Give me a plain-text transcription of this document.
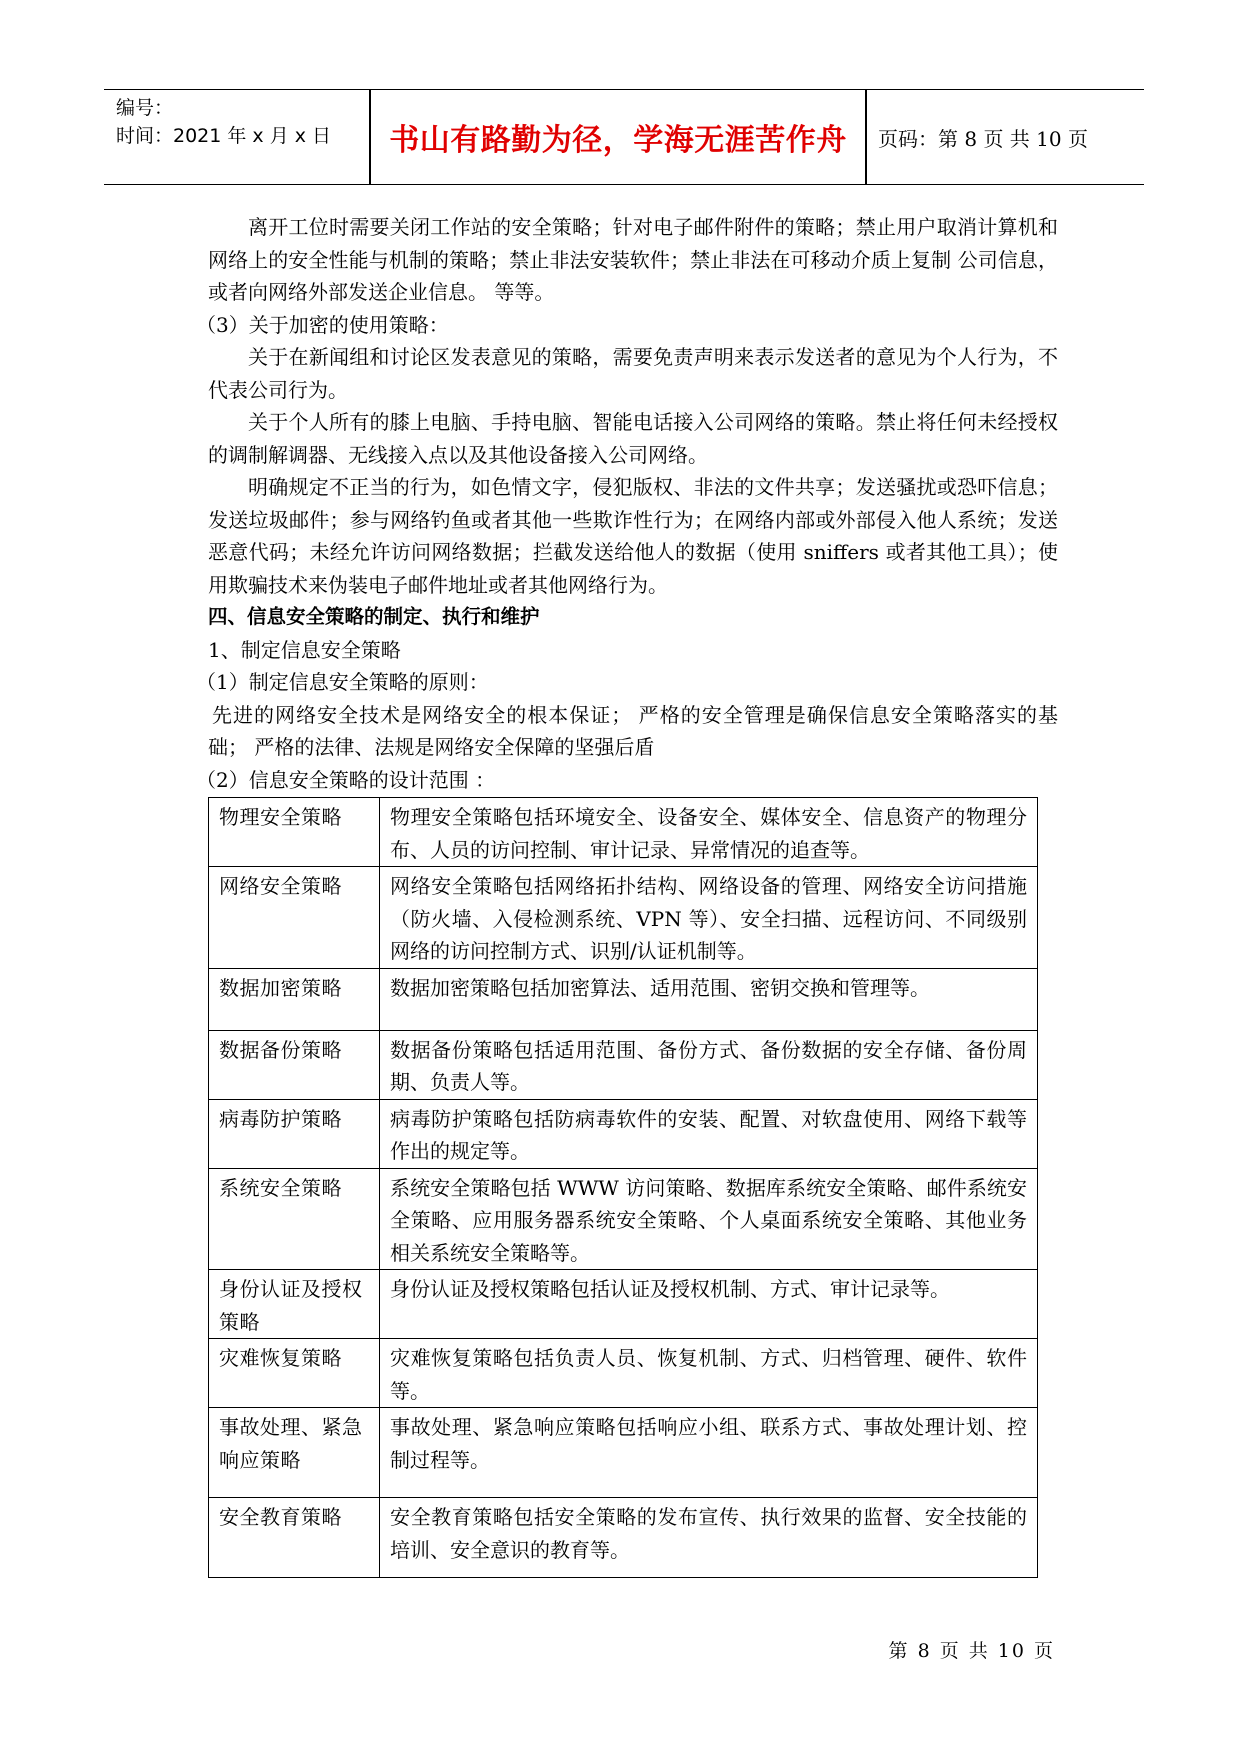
编号：
时间：2021 年 x 月 x 日	书山有路勤为径，学海无涯苦作舟	页码：第 8 页 共 10 页

离开工位时需要关闭工作站的安全策略；针对电子邮件附件的策略；禁止用户取消计算机和网络上的安全性能与机制的策略；禁止非法安装软件；禁止非法在可移动介质上复制 公司信息，或者向网络外部发送企业信息。 等等。

（3）关于加密的使用策略：

关于在新闻组和讨论区发表意见的策略，需要免责声明来表示发送者的意见为个人行为，不代表公司行为。

关于个人所有的膝上电脑、手持电脑、智能电话接入公司网络的策略。禁止将任何未经授权的调制解调器、无线接入点以及其他设备接入公司网络。

明确规定不正当的行为，如色情文字，侵犯版权、非法的文件共享；发送骚扰或恐吓信息；发送垃圾邮件；参与网络钓鱼或者其他一些欺诈性行为；在网络内部或外部侵入他人系统；发送恶意代码；未经允许访问网络数据；拦截发送给他人的数据（使用 sniffers 或者其他工具）；使用欺骗技术来伪装电子邮件地址或者其他网络行为。

四、信息安全策略的制定、执行和维护

1、制定信息安全策略

（1）制定信息安全策略的原则：

先进的网络安全技术是网络安全的根本保证； 严格的安全管理是确保信息安全策略落实的基础； 严格的法律、法规是网络安全保障的坚强后盾

（2）信息安全策略的设计范围 ：

物理安全策略	物理安全策略包括环境安全、设备安全、媒体安全、信息资产的物理分布、人员的访问控制、审计记录、异常情况的追查等。
网络安全策略	网络安全策略包括网络拓扑结构、网络设备的管理、网络安全访问措施（防火墙、入侵检测系统、VPN 等）、安全扫描、远程访问、不同级别网络的访问控制方式、识别/认证机制等。
数据加密策略	数据加密策略包括加密算法、适用范围、密钥交换和管理等。
数据备份策略	数据备份策略包括适用范围、备份方式、备份数据的安全存储、备份周期、负责人等。
病毒防护策略	病毒防护策略包括防病毒软件的安装、配置、对软盘使用、网络下载等作出的规定等。
系统安全策略	系统安全策略包括 WWW 访问策略、数据库系统安全策略、邮件系统安全策略、应用服务器系统安全策略、个人桌面系统安全策略、其他业务相关系统安全策略等。
身份认证及授权策略	身份认证及授权策略包括认证及授权机制、方式、审计记录等。
灾难恢复策略	灾难恢复策略包括负责人员、恢复机制、方式、归档管理、硬件、软件等。
事故处理、紧急响应策略	事故处理、紧急响应策略包括响应小组、联系方式、事故处理计划、控制过程等。
安全教育策略	安全教育策略包括安全策略的发布宣传、执行效果的监督、安全技能的培训、安全意识的教育等。
第 8 页 共 10 页
